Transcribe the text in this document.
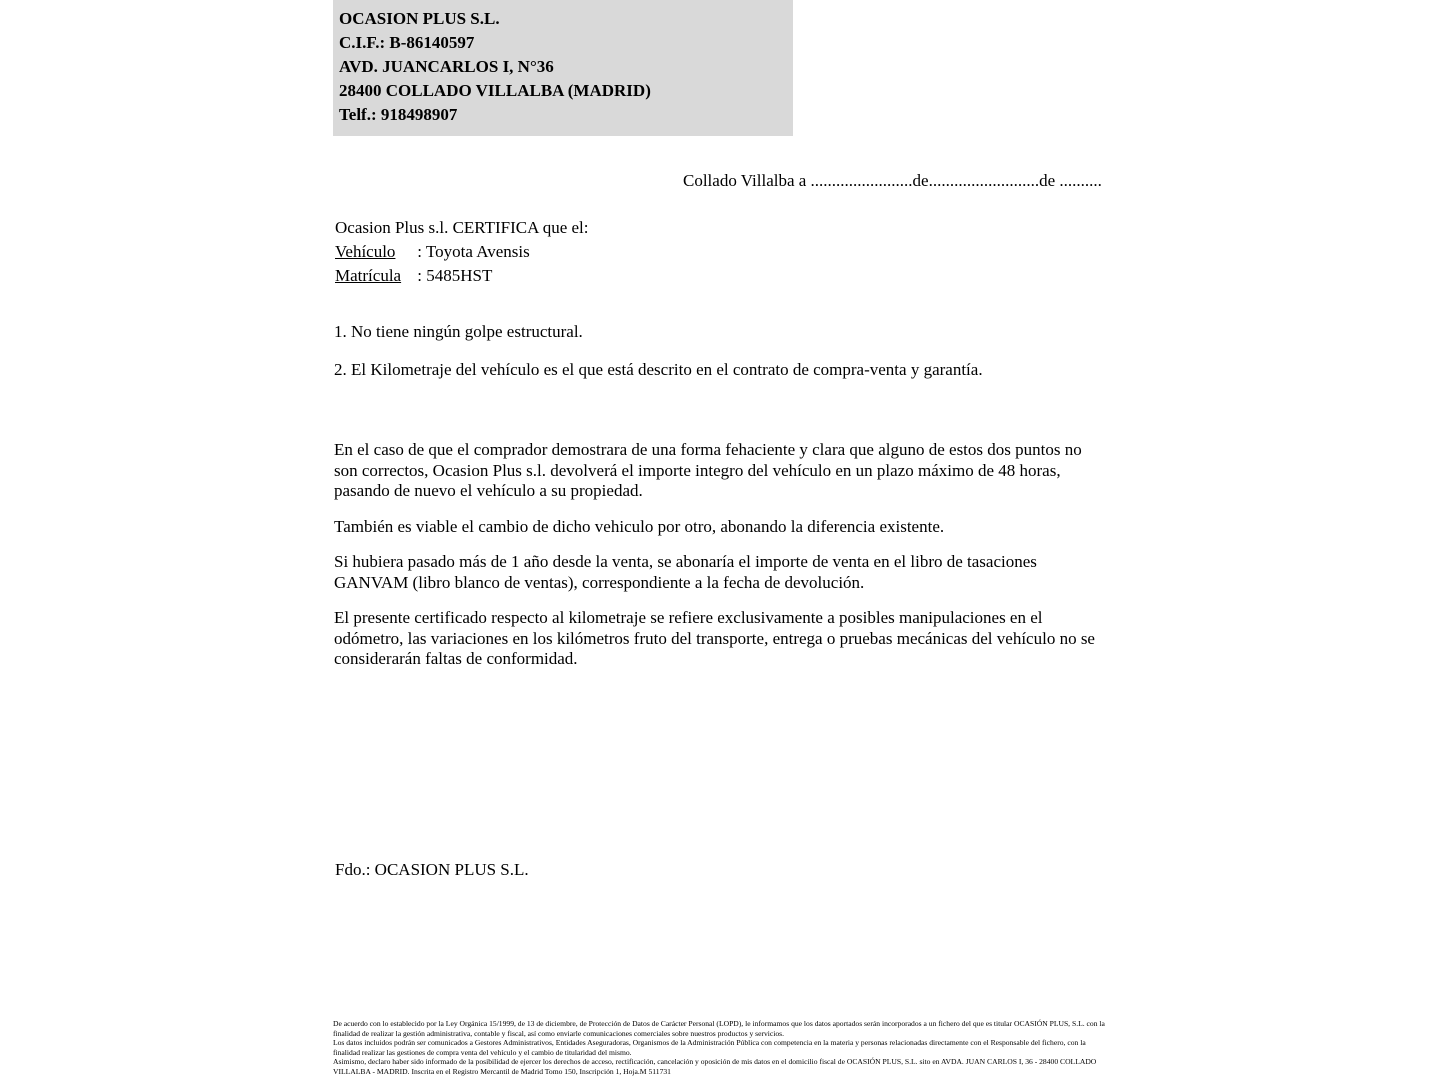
OCASION PLUS S.L.
C.I.F.: B-86140597
AVD. JUANCARLOS I, N°36
28400 COLLADO VILLALBA (MADRID)
Telf.: 918498907
Collado Villalba a ........................de..........................de ..........

Ocasion Plus s.l. CERTIFICA que el:

Vehículo : Toyota Avensis
Matrícula : 5485HST

1. No tiene ningún golpe estructural.

2. El Kilometraje del vehículo es el que está descrito en el contrato de compra-venta y garantía.

En el caso de que el comprador demostrara de una forma fehaciente y clara que alguno de estos dos puntos no son correctos, Ocasion Plus s.l. devolverá el importe integro del vehículo en un plazo máximo de 48 horas, pasando de nuevo el vehículo a su propiedad.

También es viable el cambio de dicho vehiculo por otro, abonando la diferencia existente.

Si hubiera pasado más de 1 año desde la venta, se abonaría el importe de venta en el libro de tasaciones GANVAM (libro blanco de ventas), correspondiente a la fecha de devolución.

El presente certificado respecto al kilometraje se refiere exclusivamente a posibles manipulaciones en el odómetro, las variaciones en los kilómetros fruto del transporte, entrega o pruebas mecánicas del vehículo no se considerarán faltas de conformidad.

Fdo.: OCASION PLUS S.L.

De acuerdo con lo establecido por la Ley Orgánica 15/1999, de 13 de diciembre, de Protección de Datos de Carácter Personal (LOPD), le informamos que los datos aportados serán incorporados a un fichero del que es titular OCASIÓN PLUS, S.L. con la finalidad de realizar la gestión administrativa, contable y fiscal, así como enviarle comunicaciones comerciales sobre nuestros productos y servicios.

Los datos incluidos podrán ser comunicados a Gestores Administrativos, Entidades Aseguradoras, Organismos de la Administración Pública con competencia en la materia y personas relacionadas directamente con el Responsable del fichero, con la finalidad realizar las gestiones de compra venta del vehículo y el cambio de titularidad del mismo.

Asimismo, declaro haber sido informado de la posibilidad de ejercer los derechos de acceso, rectificación, cancelación y oposición de mis datos en el domicilio fiscal de OCASIÓN PLUS, S.L. sito en AVDA. JUAN CARLOS I, 36 - 28400 COLLADO VILLALBA - MADRID. Inscrita en el Registro Mercantil de Madrid Tomo 150, Inscripción 1, Hoja.M 511731
